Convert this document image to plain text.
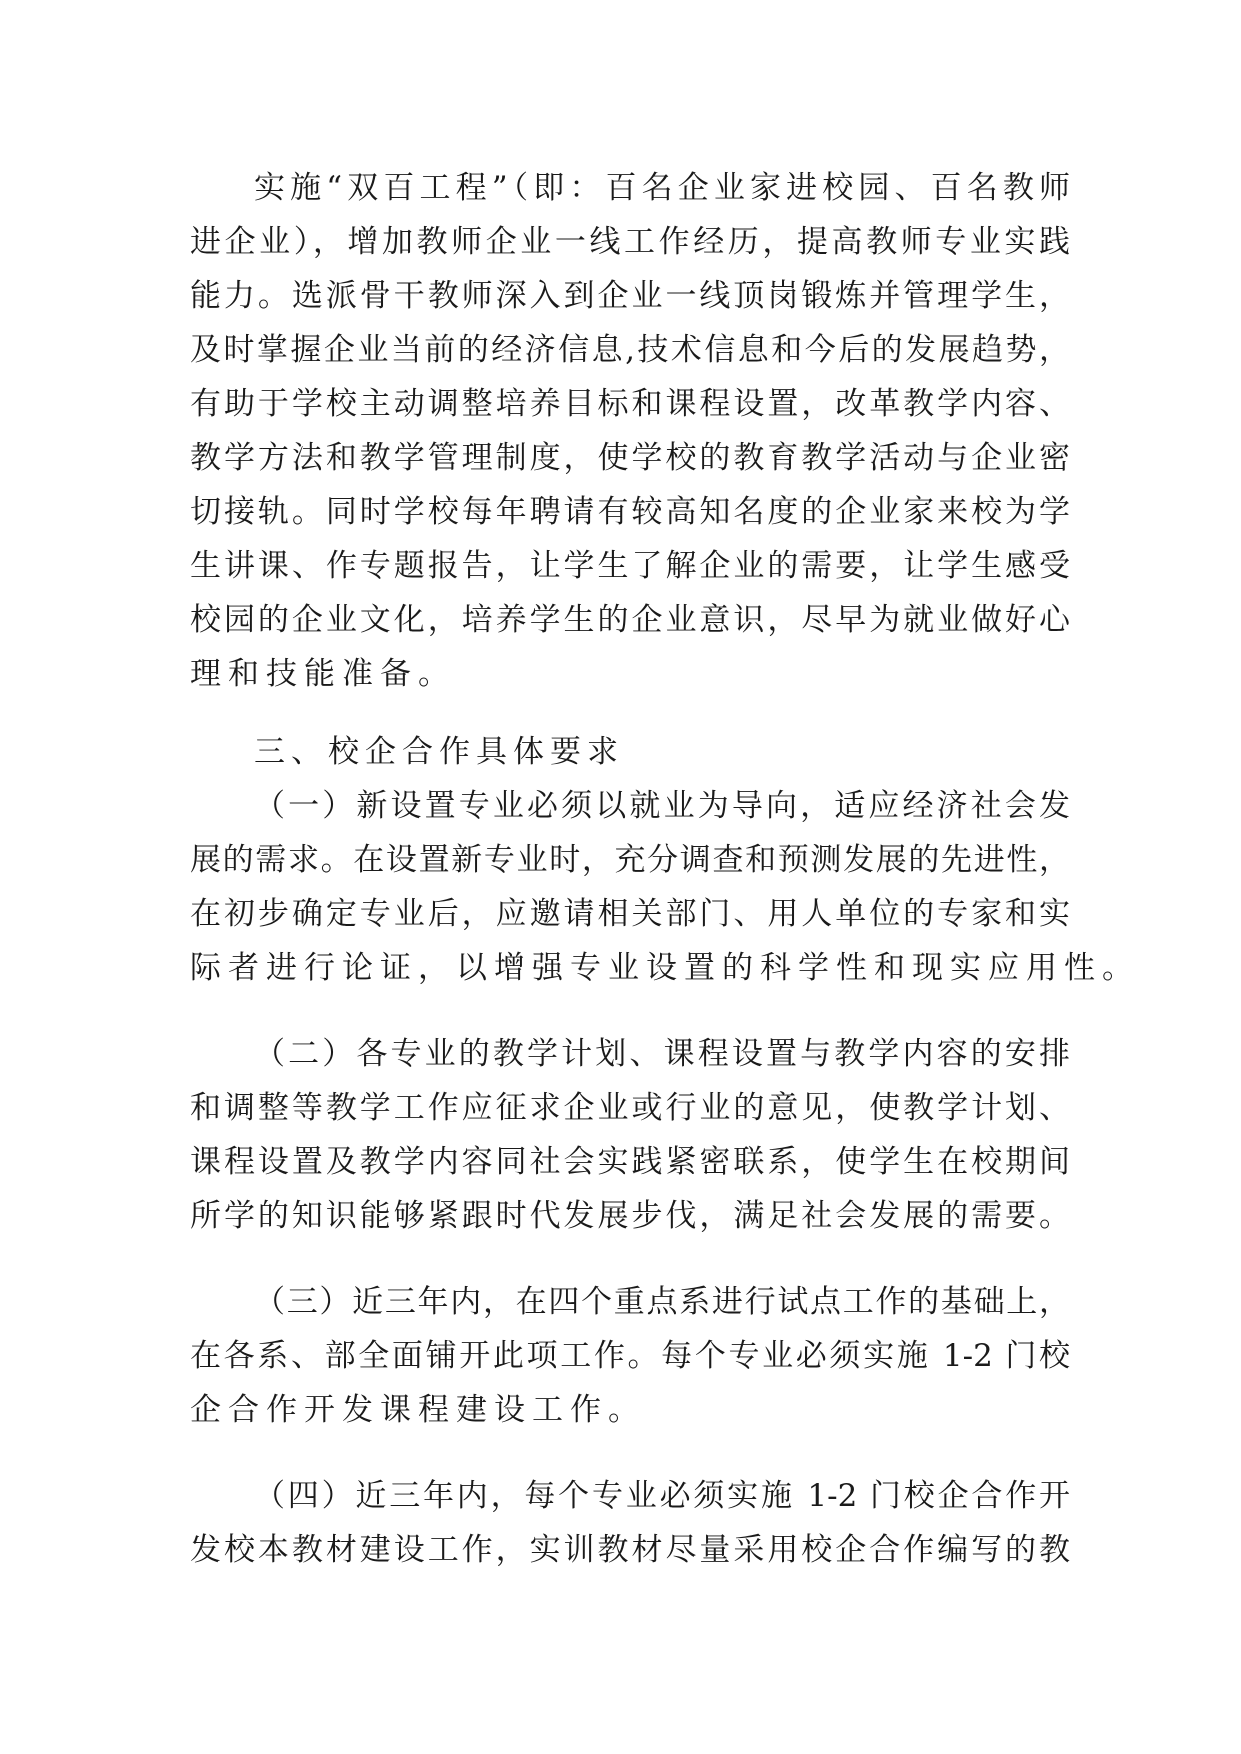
实施“双百工程”（即：百名企业家进校园、百名教师
进企业），增加教师企业一线工作经历，提高教师专业实践
能力。选派骨干教师深入到企业一线顶岗锻炼并管理学生，
及时掌握企业当前的经济信息,技术信息和今后的发展趋势，
有助于学校主动调整培养目标和课程设置，改革教学内容、
教学方法和教学管理制度，使学校的教育教学活动与企业密
切接轨。同时学校每年聘请有较高知名度的企业家来校为学
生讲课、作专题报告，让学生了解企业的需要，让学生感受
校园的企业文化，培养学生的企业意识，尽早为就业做好心
理和技能准备。
三、校企合作具体要求
（一）新设置专业必须以就业为导向，适应经济社会发
展的需求。在设置新专业时，充分调查和预测发展的先进性，
在初步确定专业后，应邀请相关部门、用人单位的专家和实
际者进行论证，以增强专业设置的科学性和现实应用性。
（二）各专业的教学计划、课程设置与教学内容的安排
和调整等教学工作应征求企业或行业的意见，使教学计划、
课程设置及教学内容同社会实践紧密联系，使学生在校期间
所学的知识能够紧跟时代发展步伐，满足社会发展的需要。
（三）近三年内，在四个重点系进行试点工作的基础上，
在各系、部全面铺开此项工作。每个专业必须实施 1-2 门校
企合作开发课程建设工作。
（四）近三年内，每个专业必须实施 1-2 门校企合作开
发校本教材建设工作，实训教材尽量采用校企合作编写的教
